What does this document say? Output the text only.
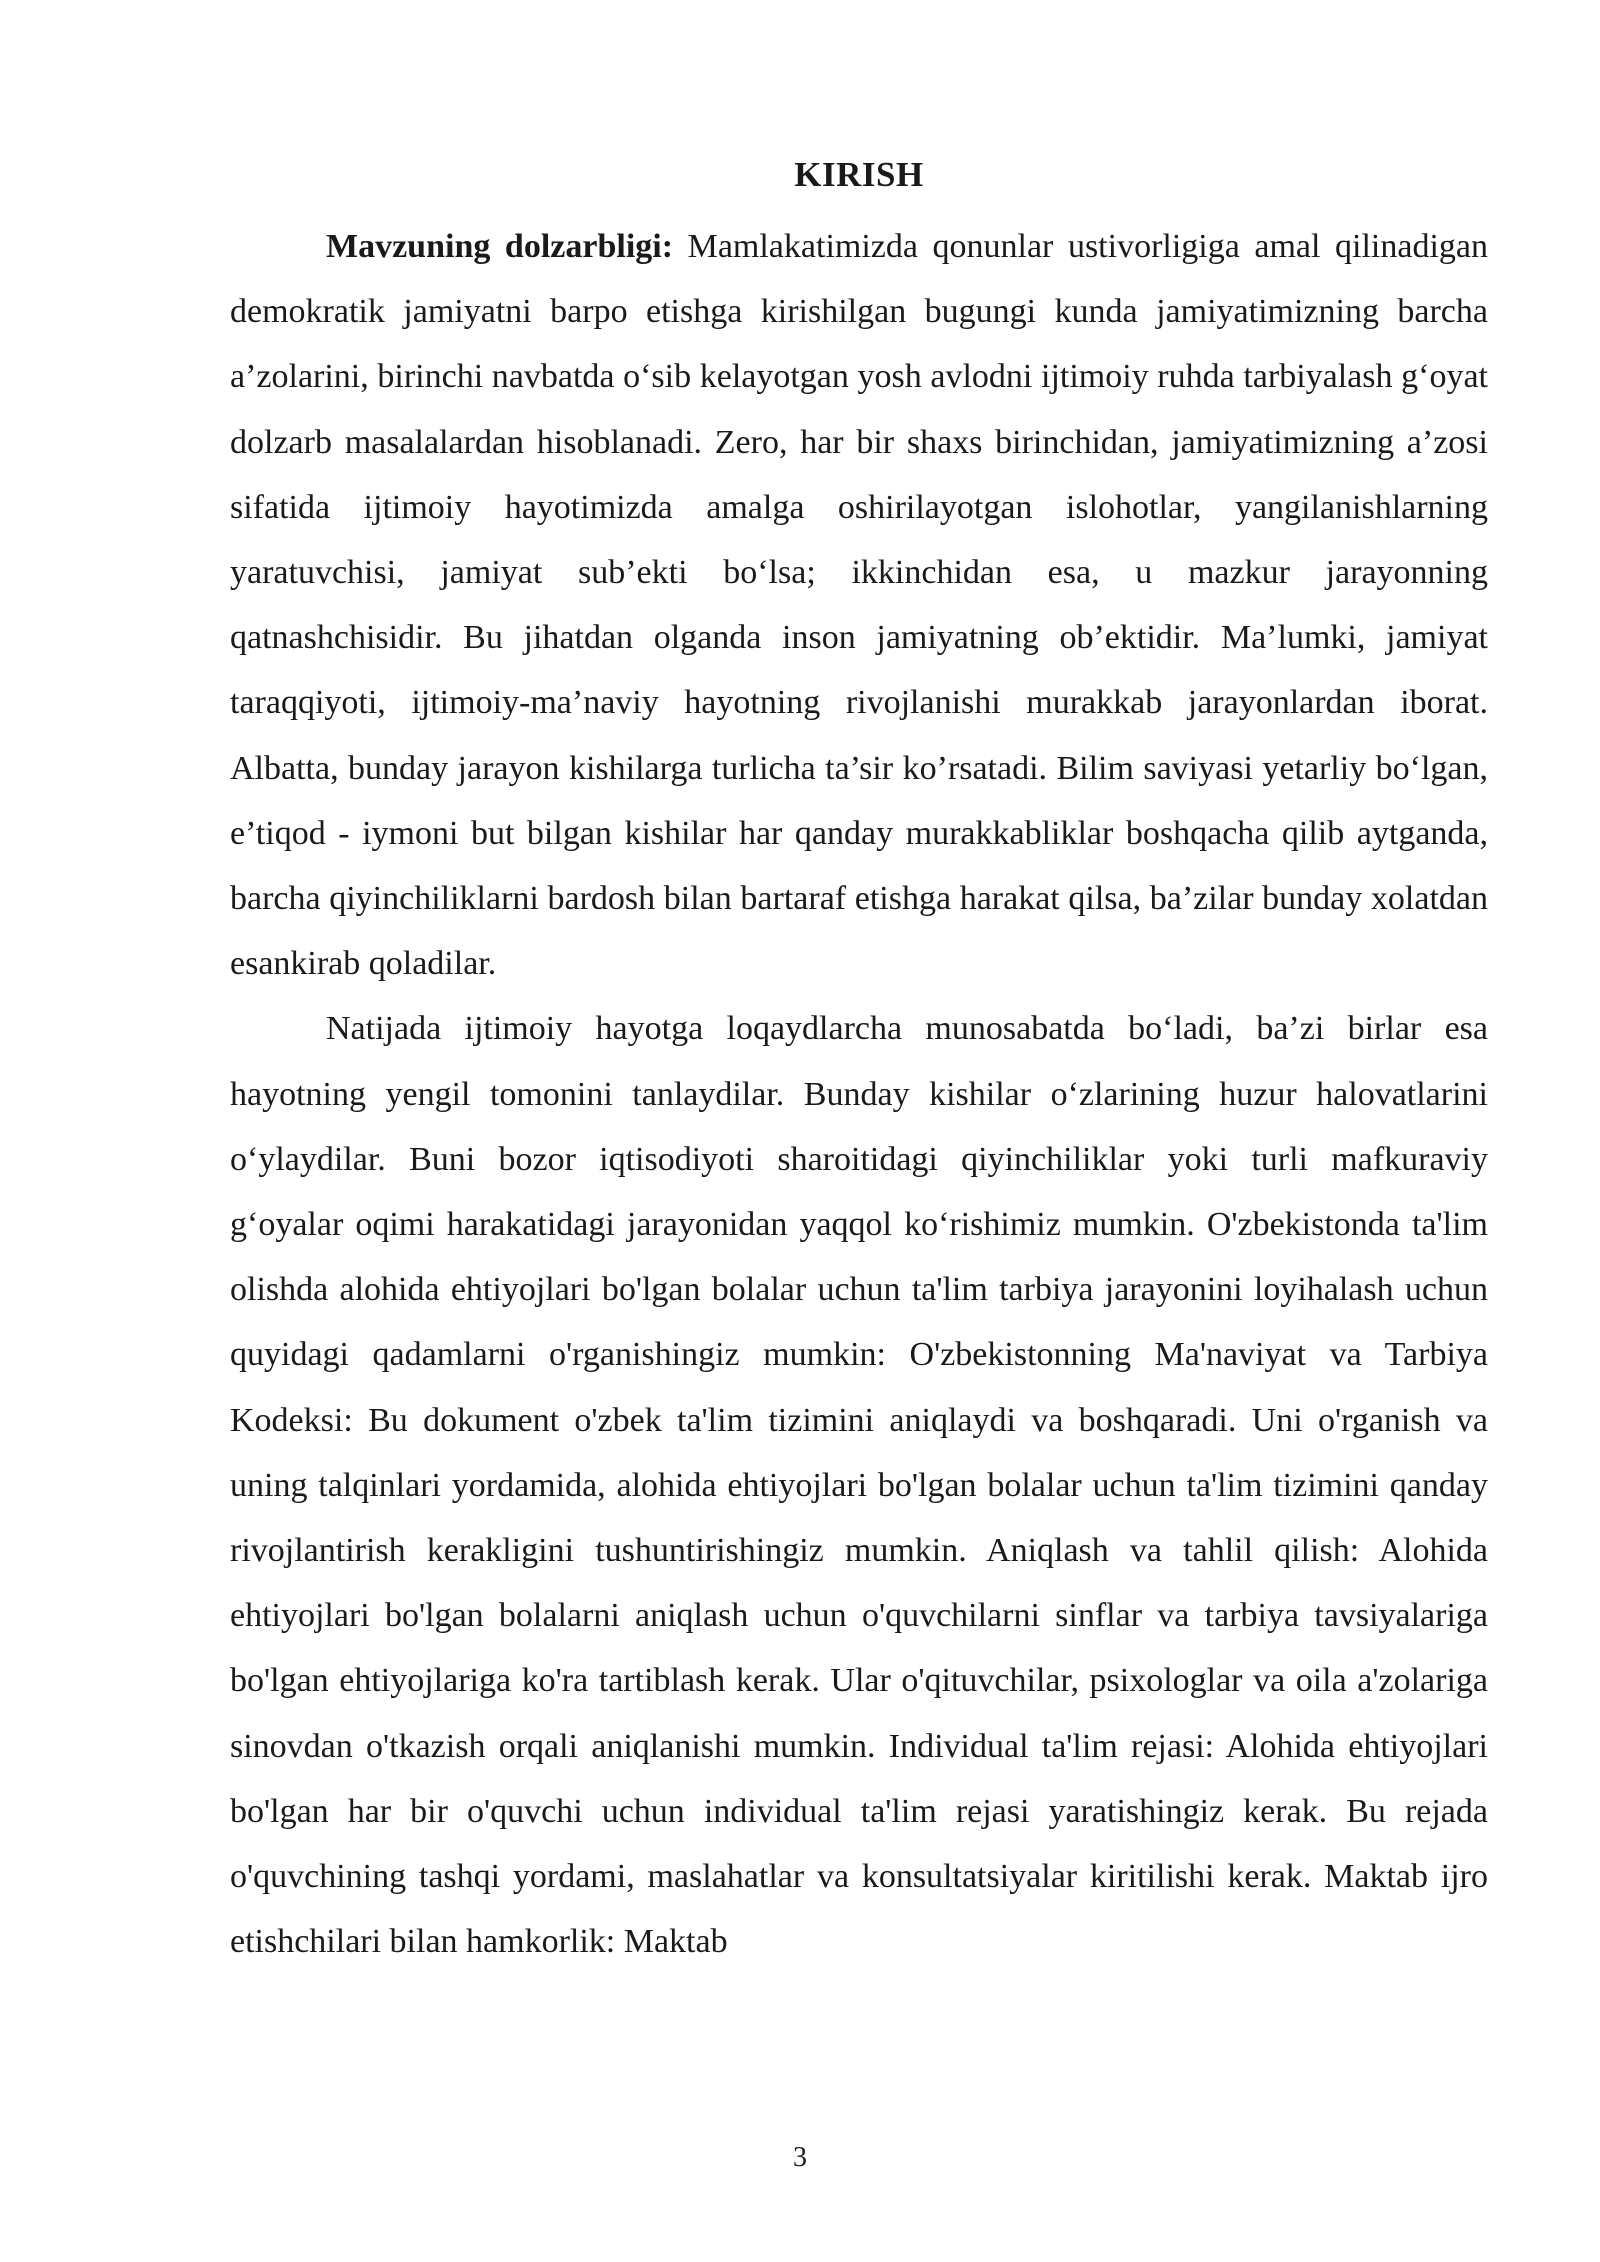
KIRISH

Mavzuning dolzarbligi: Mamlakatimizda qonunlar ustivorligiga amal qilinadigan demokratik jamiyatni barpo etishga kirishilgan bugungi kunda jamiyatimizning barcha a’zolarini, birinchi navbatda o‘sib kelayotgan yosh avlodni ijtimoiy ruhda tarbiyalash g‘oyat dolzarb masalalardan hisoblanadi. Zero, har bir shaxs birinchidan, jamiyatimizning a’zosi sifatida ijtimoiy hayotimizda amalga oshirilayotgan islohotlar, yangilanishlarning yaratuvchisi, jamiyat sub’ekti bo‘lsa; ikkinchidan esa, u mazkur jarayonning qatnashchisidir. Bu jihatdan olganda inson jamiyatning ob’ektidir. Ma’lumki, jamiyat taraqqiyoti, ijtimoiy-ma’naviy hayotning rivojlanishi murakkab jarayonlardan iborat. Albatta, bunday jarayon kishilarga turlicha ta’sir ko’rsatadi. Bilim saviyasi yetarliy bo‘lgan, e’tiqod - iymoni but bilgan kishilar har qanday murakkabliklar boshqacha qilib aytganda, barcha qiyinchiliklarni bardosh bilan bartaraf etishga harakat qilsa, ba’zilar bunday xolatdan esankirab qoladilar.

Natijada ijtimoiy hayotga loqaydlarcha munosabatda bo‘ladi, ba’zi birlar esa hayotning yengil tomonini tanlaydilar. Bunday kishilar o‘zlarining huzur halovatlarini o‘ylaydilar. Buni bozor iqtisodiyoti sharoitidagi qiyinchiliklar yoki turli mafkuraviy g‘oyalar oqimi harakatidagi jarayonidan yaqqol ko‘rishimiz mumkin. O'zbekistonda ta'lim olishda alohida ehtiyojlari bo'lgan bolalar uchun ta'lim tarbiya jarayonini loyihalash uchun quyidagi qadamlarni o'rganishingiz mumkin: O'zbekistonning Ma'naviyat va Tarbiya Kodeksi: Bu dokument o'zbek ta'lim tizimini aniqlaydi va boshqaradi. Uni o'rganish va uning talqinlari yordamida, alohida ehtiyojlari bo'lgan bolalar uchun ta'lim tizimini qanday rivojlantirish kerakligini tushuntirishingiz mumkin. Aniqlash va tahlil qilish: Alohida ehtiyojlari bo'lgan bolalarni aniqlash uchun o'quvchilarni sinflar va tarbiya tavsiyalariga bo'lgan ehtiyojlariga ko'ra tartiblash kerak. Ular o'qituvchilar, psixologlar va oila a'zolariga sinovdan o'tkazish orqali aniqlanishi mumkin. Individual ta'lim rejasi: Alohida ehtiyojlari bo'lgan har bir o'quvchi uchun individual ta'lim rejasi yaratishingiz kerak. Bu rejada o'quvchining tashqi yordami, maslahatlar va konsultatsiyalar kiritilishi kerak. Maktab ijro etishchilari bilan hamkorlik: Maktab

3
